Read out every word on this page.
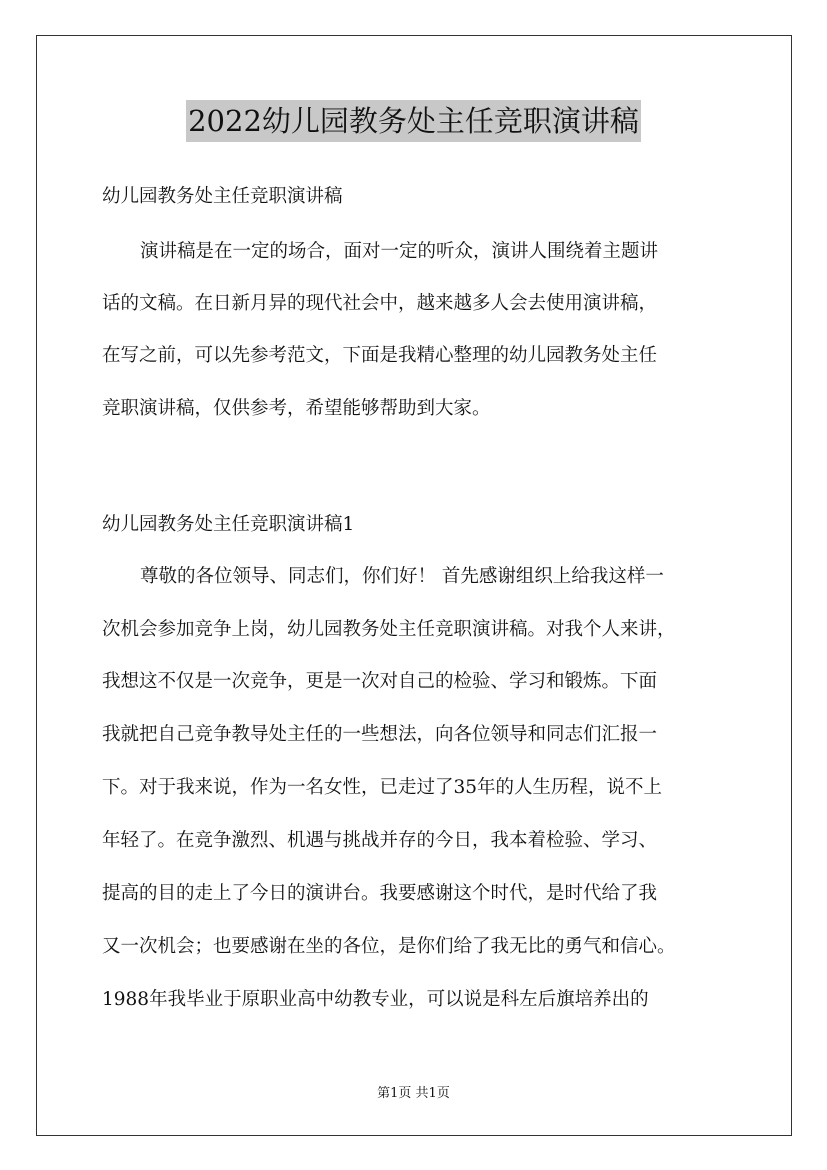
2022幼儿园教务处主任竞职演讲稿
幼儿园教务处主任竞职演讲稿
演讲稿是在一定的场合，面对一定的听众，演讲人围绕着主题讲
话的文稿。在日新月异的现代社会中，越来越多人会去使用演讲稿，
在写之前，可以先参考范文，下面是我精心整理的幼儿园教务处主任
竞职演讲稿，仅供参考，希望能够帮助到大家。
幼儿园教务处主任竞职演讲稿1
尊敬的各位领导、同志们，你们好！ 首先感谢组织上给我这样一
次机会参加竞争上岗，幼儿园教务处主任竞职演讲稿。对我个人来讲，
我想这不仅是一次竞争，更是一次对自己的检验、学习和锻炼。下面
我就把自己竞争教导处主任的一些想法，向各位领导和同志们汇报一
下。对于我来说，作为一名女性，已走过了35年的人生历程，说不上
年轻了。在竞争激烈、机遇与挑战并存的今日，我本着检验、学习、
提高的目的走上了今日的演讲台。我要感谢这个时代，是时代给了我
又一次机会；也要感谢在坐的各位，是你们给了我无比的勇气和信心。
1988年我毕业于原职业高中幼教专业，可以说是科左后旗培养出的
第1页 共1页
